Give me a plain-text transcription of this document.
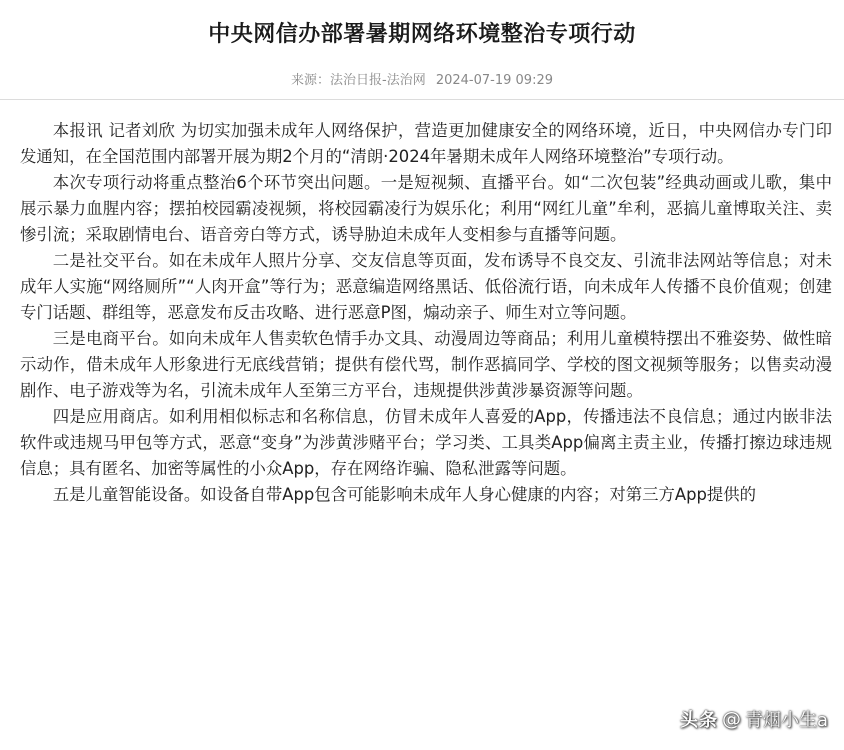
中央网信办部署暑期网络环境整治专项行动
来源：法治日报-法治网 2024-07-19 09:29

本报讯 记者刘欣 为切实加强未成年人网络保护，营造更加健康安全的网络环境，近日，中央网信办专门印发通知，在全国范围内部署开展为期2个月的“清朗·2024年暑期未成年人网络环境整治”专项行动。

本次专项行动将重点整治6个环节突出问题。一是短视频、直播平台。如“二次包装”经典动画或儿歌，集中展示暴力血腥内容；摆拍校园霸凌视频，将校园霸凌行为娱乐化；利用“网红儿童”牟利，恶搞儿童博取关注、卖惨引流；采取剧情电台、语音旁白等方式，诱导胁迫未成年人变相参与直播等问题。

二是社交平台。如在未成年人照片分享、交友信息等页面，发布诱导不良交友、引流非法网站等信息；对未成年人实施“网络厕所”“人肉开盒”等行为；恶意编造网络黑话、低俗流行语，向未成年人传播不良价值观；创建专门话题、群组等，恶意发布反击攻略、进行恶意P图，煽动亲子、师生对立等问题。

三是电商平台。如向未成年人售卖软色情手办文具、动漫周边等商品；利用儿童模特摆出不雅姿势、做性暗示动作，借未成年人形象进行无底线营销；提供有偿代骂，制作恶搞同学、学校的图文视频等服务；以售卖动漫剧作、电子游戏等为名，引流未成年人至第三方平台，违规提供涉黄涉暴资源等问题。

四是应用商店。如利用相似标志和名称信息，仿冒未成年人喜爱的App，传播违法不良信息；通过内嵌非法软件或违规马甲包等方式，恶意“变身”为涉黄涉赌平台；学习类、工具类App偏离主责主业，传播打擦边球违规信息；具有匿名、加密等属性的小众App，存在网络诈骗、隐私泄露等问题。

五是儿童智能设备。如设备自带App包含可能影响未成年人身心健康的内容；对第三方App提供的

头条 @ 青烟小生a
